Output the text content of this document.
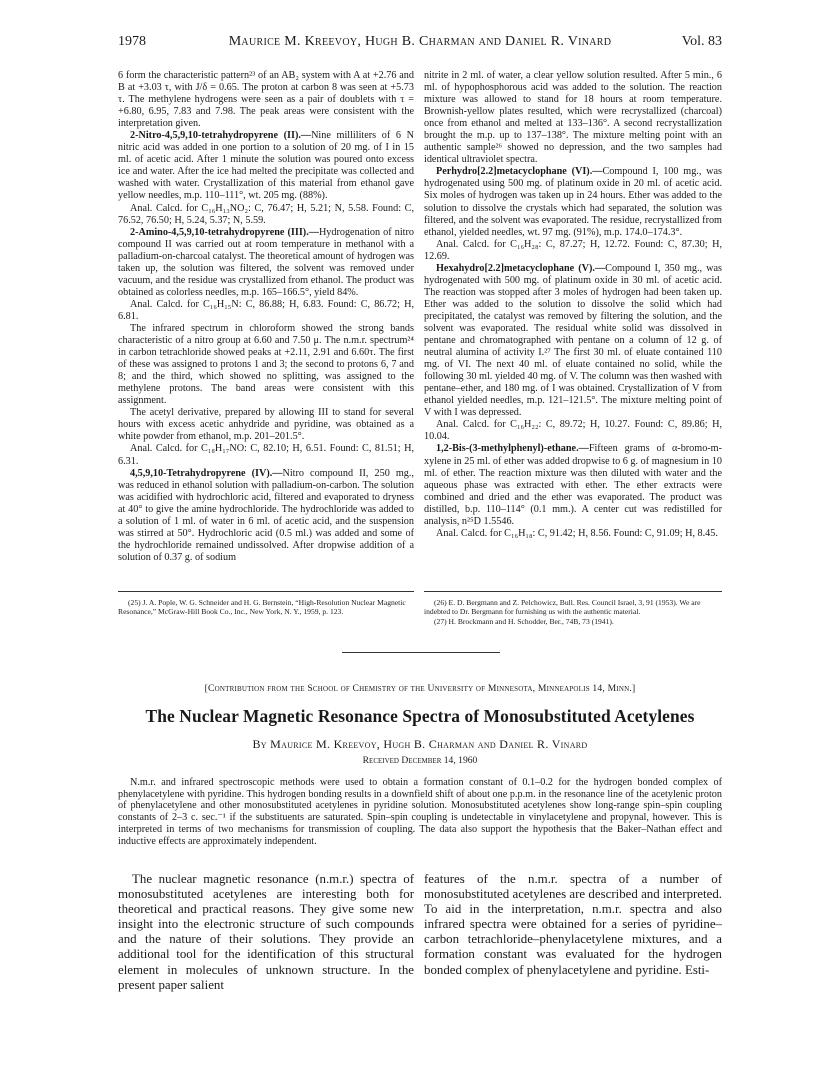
1978	Maurice M. Kreevoy, Hugh B. Charman and Daniel R. Vinard	Vol. 83

6 form the characteristic pattern²³ of an AB₂ system with A at +2.76 and B at +3.03 τ, with J/δ = 0.65. The proton at carbon 8 was seen at +5.73 τ. The methylene hydrogens were seen as a pair of doublets with τ = +6.80, 6.95, 7.83 and 7.98. The peak areas were consistent with the interpretation given.

2-Nitro-4,5,9,10-tetrahydropyrene (II).—Nine milliliters of 6 N nitric acid was added in one portion to a solution of 20 mg. of I in 15 ml. of acetic acid. After 1 minute the solution was poured onto excess ice and water. After the ice had melted the precipitate was collected and washed with water. Crystallization of this material from ethanol gave yellow needles, m.p. 110–111°, wt. 205 mg. (88%).

Anal. Calcd. for C₁₆H₁₃NO₂: C, 76.47; H, 5.21; N, 5.58. Found: C, 76.52, 76.50; H, 5.24, 5.37; N, 5.59.

2-Amino-4,5,9,10-tetrahydropyrene (III).—Hydrogenation of nitro compound II was carried out at room temperature in methanol with a palladium-on-charcoal catalyst. The theoretical amount of hydrogen was taken up, the solution was filtered, the solvent was removed under vacuum, and the residue was crystallized from ethanol. The product was obtained as colorless needles, m.p. 165–166.5°, yield 84%.

Anal. Calcd. for C₁₆H₁₅N: C, 86.88; H, 6.83. Found: C, 86.72; H, 6.81.

The infrared spectrum in chloroform showed the strong bands characteristic of a nitro group at 6.60 and 7.50 μ. The n.m.r. spectrum²⁴ in carbon tetrachloride showed peaks at +2.11, 2.91 and 6.60τ. The first of these was assigned to protons 1 and 3; the second to protons 6, 7 and 8; and the third, which showed no splitting, was assigned to the methylene protons. The band areas were consistent with this assignment.

The acetyl derivative, prepared by allowing III to stand for several hours with excess acetic anhydride and pyridine, was obtained as a white powder from ethanol, m.p. 201–201.5°.

Anal. Calcd. for C₁₈H₁₇NO: C, 82.10; H, 6.51. Found: C, 81.51; H, 6.31.

4,5,9,10-Tetrahydropyrene (IV).—Nitro compound II, 250 mg., was reduced in ethanol solution with palladium-on-carbon. The solution was acidified with hydrochloric acid, filtered and evaporated to dryness at 40° to give the amine hydrochloride. The hydrochloride was added to a solution of 1 ml. of water in 6 ml. of acetic acid, and the suspension was stirred at 50°. Hydrochloric acid (0.5 ml.) was added and some of the hydrochloride remained undissolved. After dropwise addition of a solution of 0.37 g. of sodium

nitrite in 2 ml. of water, a clear yellow solution resulted. After 5 min., 6 ml. of hypophosphorous acid was added to the solution. The reaction mixture was allowed to stand for 18 hours at room temperature. Brownish-yellow plates resulted, which were recrystallized (charcoal) once from ethanol and melted at 133–136°. A second recrystallization brought the m.p. up to 137–138°. The mixture melting point with an authentic sample²⁶ showed no depression, and the two samples had identical ultraviolet spectra.

Perhydro[2.2]metacyclophane (VI).—Compound I, 100 mg., was hydrogenated using 500 mg. of platinum oxide in 20 ml. of acetic acid. Six moles of hydrogen was taken up in 24 hours. Ether was added to the solution to dissolve the crystals which had separated, the solution was filtered, and the solvent was evaporated. The residue, recrystallized from ethanol, yielded needles, wt. 97 mg. (91%), m.p. 174.0–174.3°.

Anal. Calcd. for C₁₆H₂₈: C, 87.27; H, 12.72. Found: C, 87.30; H, 12.69.

Hexahydro[2.2]metacyclophane (V).—Compound I, 350 mg., was hydrogenated with 500 mg. of platinum oxide in 30 ml. of acetic acid. The reaction was stopped after 3 moles of hydrogen had been taken up. Ether was added to the solution to dissolve the solid which had precipitated, the catalyst was removed by filtering the solution, and the solvent was evaporated. The residual white solid was dissolved in pentane and chromatographed with pentane on a column of 12 g. of neutral alumina of activity I.²⁷ The first 30 ml. of eluate contained 110 mg. of VI. The next 40 ml. of eluate contained no solid, while the following 30 ml. yielded 40 mg. of V. The column was then washed with pentane–ether, and 180 mg. of I was obtained. Crystallization of V from ethanol yielded needles, m.p. 121–121.5°. The mixture melting point of V with I was depressed.

Anal. Calcd. for C₁₆H₂₂: C, 89.72; H, 10.27. Found: C, 89.86; H, 10.04.

1,2-Bis-(3-methylphenyl)-ethane.—Fifteen grams of α-bromo-m-xylene in 25 ml. of ether was added dropwise to 6 g. of magnesium in 10 ml. of ether. The reaction mixture was then diluted with water and the aqueous phase was extracted with ether. The ether extracts were combined and dried and the ether was evaporated. The product was distilled, b.p. 110–114° (0.1 mm.). A center cut was redistilled for analysis, n²⁵D 1.5546.

Anal. Calcd. for C₁₆H₁₈: C, 91.42; H, 8.56. Found: C, 91.09; H, 8.45.

(25) J. A. Pople, W. G. Schneider and H. G. Bernstein, “High-Resolution Nuclear Magnetic Resonance,” McGraw-Hill Book Co., Inc., New York, N. Y., 1959, p. 123.

(26) E. D. Bergmann and Z. Pelchowicz, Bull. Res. Council Israel, 3, 91 (1953). We are indebted to Dr. Bergmann for furnishing us with the authentic material.

(27) H. Brockmann and H. Schodder, Ber., 74B, 73 (1941).

[Contribution from the School of Chemistry of the University of Minnesota, Minneapolis 14, Minn.]
The Nuclear Magnetic Resonance Spectra of Monosubstituted Acetylenes
By Maurice M. Kreevoy, Hugh B. Charman and Daniel R. Vinard
Received December 14, 1960

N.m.r. and infrared spectroscopic methods were used to obtain a formation constant of 0.1–0.2 for the hydrogen bonded complex of phenylacetylene with pyridine. This hydrogen bonding results in a downfield shift of about one p.p.m. in the resonance line of the acetylenic proton of phenylacetylene and other monosubstituted acetylenes in pyridine solution. Monosubstituted acetylenes show long-range spin–spin coupling constants of 2–3 c. sec.⁻¹ if the substituents are saturated. Spin–spin coupling is undetectable in vinylacetylene and propynal, however. This is interpreted in terms of two mechanisms for transmission of coupling. The data also support the hypothesis that the Baker–Nathan effect and inductive effects are approximately independent.

The nuclear magnetic resonance (n.m.r.) spectra of monosubstituted acetylenes are interesting both for theoretical and practical reasons. They give some new insight into the electronic structure of such compounds and the nature of their solutions. They provide an additional tool for the identification of this structural element in molecules of unknown structure. In the present paper salient

features of the n.m.r. spectra of a number of monosubstituted acetylenes are described and interpreted. To aid in the interpretation, n.m.r. spectra and also infrared spectra were obtained for a series of pyridine–carbon tetrachloride–phenylacetylene mixtures, and a formation constant was evaluated for the hydrogen bonded complex of phenylacetylene and pyridine. Esti-
